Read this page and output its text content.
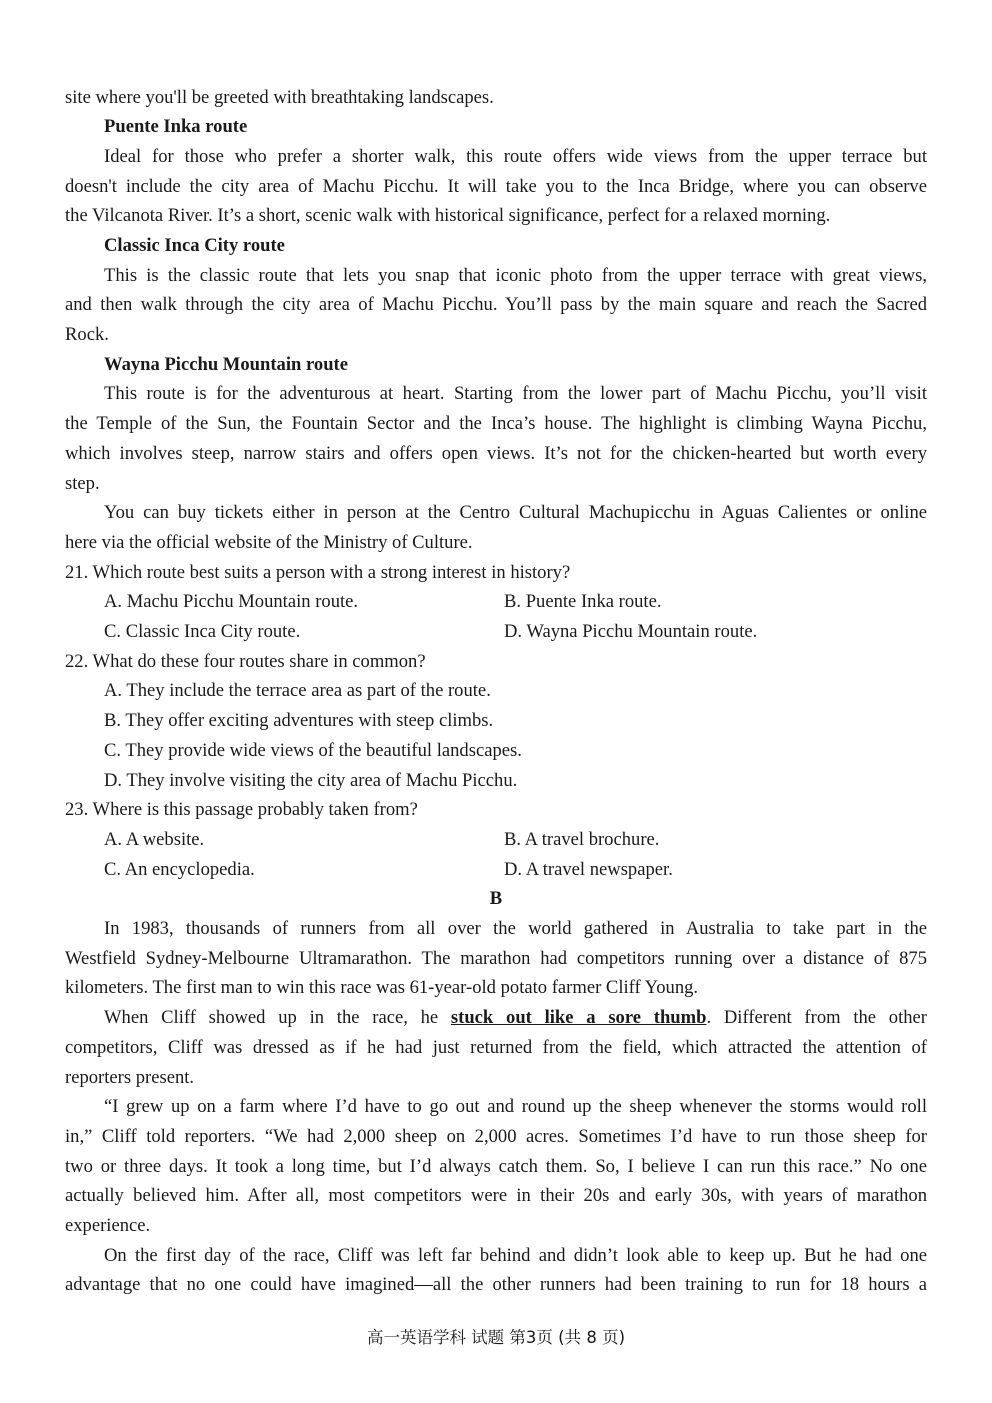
site where you'll be greeted with breathtaking landscapes.
Puente Inka route
Ideal for those who prefer a shorter walk, this route offers wide views from the upper terrace but
doesn't include the city area of Machu Picchu. It will take you to the Inca Bridge, where you can observe
the Vilcanota River. It’s a short, scenic walk with historical significance, perfect for a relaxed morning.
Classic Inca City route
This is the classic route that lets you snap that iconic photo from the upper terrace with great views,
and then walk through the city area of Machu Picchu. You’ll pass by the main square and reach the Sacred
Rock.
Wayna Picchu Mountain route
This route is for the adventurous at heart. Starting from the lower part of Machu Picchu, you’ll visit
the Temple of the Sun, the Fountain Sector and the Inca’s house. The highlight is climbing Wayna Picchu,
which involves steep, narrow stairs and offers open views. It’s not for the chicken-hearted but worth every
step.
You can buy tickets either in person at the Centro Cultural Machupicchu in Aguas Calientes or online
here via the official website of the Ministry of Culture.
21. Which route best suits a person with a strong interest in history?
A. Machu Picchu Mountain route.	B. Puente Inka route.
C. Classic Inca City route.	D. Wayna Picchu Mountain route.
22. What do these four routes share in common?
A. They include the terrace area as part of the route.
B. They offer exciting adventures with steep climbs.
C. They provide wide views of the beautiful landscapes.
D. They involve visiting the city area of Machu Picchu.
23. Where is this passage probably taken from?
A. A website.	B. A travel brochure.
C. An encyclopedia.	D. A travel newspaper.
B
In 1983, thousands of runners from all over the world gathered in Australia to take part in the
Westfield Sydney-Melbourne Ultramarathon. The marathon had competitors running over a distance of 875
kilometers. The first man to win this race was 61-year-old potato farmer Cliff Young.
When Cliff showed up in the race, he stuck out like a sore thumb. Different from the other
competitors, Cliff was dressed as if he had just returned from the field, which attracted the attention of
reporters present.
“I grew up on a farm where I’d have to go out and round up the sheep whenever the storms would roll
in,” Cliff told reporters. “We had 2,000 sheep on 2,000 acres. Sometimes I’d have to run those sheep for
two or three days. It took a long time, but I’d always catch them. So, I believe I can run this race.” No one
actually believed him. After all, most competitors were in their 20s and early 30s, with years of marathon
experience.
On the first day of the race, Cliff was left far behind and didn’t look able to keep up. But he had one
advantage that no one could have imagined—all the other runners had been training to run for 18 hours a
高一英语学科 试题 第3页 (共 8 页)
